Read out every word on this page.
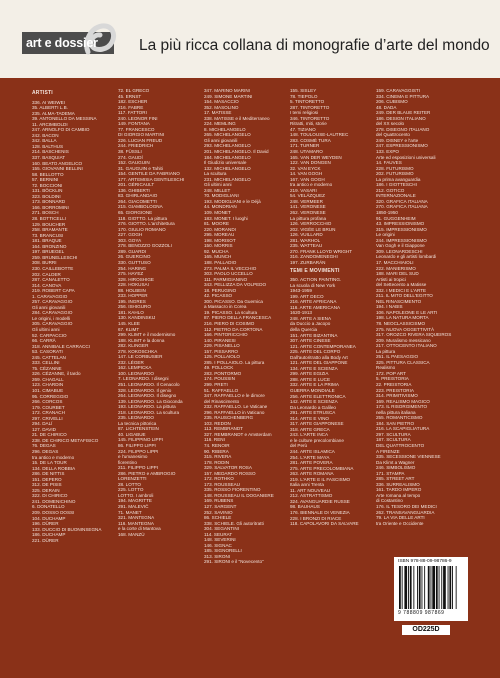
art e dossier	La più ricca collana di monografie d’arte del mondo
ARTISTI
336. AI WEIWEI
35. ALBERTI L.B.
235. ALMA-TADEMA
39. ANTONELLO DA MESSINA
11. ARCIMBOLDI
247. ARNOLFO DI CAMBIO
242. BACON
342. BALLA
128. BALTHUS
214. BASCHENIS
337. BASQUIAT
160. BEATO ANGELICO
155. GIOVANNI BELLINI
58. BELLOTTO
57. BERNINI
72. BOCCIONI
131. BÖCKLIN
323. BOLDINI
173. BONNARD
166. BORROMINI
271. BOSCH
28. BOTTICELLI
129. BOUCHER
258. BRAMANTE
73. BRANCUSI
181. BRAQUE
164. BRONZINO
197. BRUEGEL
259. BRUNELLESCHI
308. BURRI
230. CAILLEBOTTE
202. CALDER
287. CANALETTO
314. CANOVA
219. ROBERT CAPA
1. CARAVAGGIO
257. CARAVAGGIO
Gli anni giovanili
284. CARAVAGGIO
Le origini, i modelli
305. CARAVAGGIO
Gli ultimi anni
52. CARPACCIO
66. CARRÀ
318. ANNIBALE CARRACCI
53. CASORATI
245. CATTELAN
333. CELLINI
75. CÉZANNE
326. CÉZANNE, il tardo
269. CHAGALL
123. CHARDIN
101. CIMABUE
95. CORREGGIO
266. CORCOS
179. COURBET
172. CRANACH
297. CRIVELLI
294. DALÍ
127. DAVID
21. DE CHIRICO
238. DE CHIRICO METAFISICO
76. DEGAS
296. DEGAS
tra antico e moderno
15. DE LA TOUR
134. DELLA ROBBIA
286. DE NITTIS
151. DEPERO
312. DE PISIS
325. DERAIN
322. DI CHIRICO
241. DOMENICHINO
6. DONATELLO
209. DOSSO DOSSI
104. DUCHAMP
196. DÜRER
133. DUCCIO DI BUONINSEGNA
186. DUCHAMP
221. DÜRER
72. EL GRECO
45. ERNST
182. ESCHER
216. FABRE
117. FATTORI
240. LEONOR FINI
149. FONTANA
77. FRANCESCO
DI GIORGIO MARTINI
226. LUCIAN FREUD
244. FRIEDRICH
38. FÜSSLI
274. GAUDÍ
152. GAUGUIN
31. GAUGUIN e Tahiti
154. GENTILE DA FABRIANO
177. ARTEMISIA GENTILESCHI
201. GÉRICAULT
136. GHIBERTI
83. GHIRLANDAIO
264. GIACOMETTI
215. GIAMBOLOGNA
65. GIORGIONE
118. GIOTTO. La pittura
276. GIOTTO. L'architettura
170. GIULIO ROMANO
227. GOGH
303. GOYA
278. BENOZZO GOZZOLI
289. GUARDI
26. GUERCINO
330. GUTTUSO
254. HARING
275. HAYEZ
328. HIROSHIGE
228. HOKUSAI
88. HOLBEIN
233. HOPPER
195. INGRES
256. ISHIGURO
181. KAHLO
130. KANDINSKIJ
145. KLEE
67. KLIMT
299. KLIMT e il modernismo
188. KLIMT e la donna
282. KLINGER
278. KOKOSCHKA
147. LE CORBUSIER
232. LÉGER
162. LEMPICKA
100. LEONARDO
7. LEONARDO. I disegni
251. LEONARDO. Il Cenacolo
328. LEONARDO. Il genio
264. LEONARDO. Il disegno
139. LEONARDO. La Gioconda
193. LEONARDO. La pittura
218. LEONARDO. La scultura
235. LEONARDO
La tecnica pittorica
87. LICHTENSTEIN
40. LIGABUE
145. FILIPPINO LIPPI
86. FILIPPO LIPPI
224. FILIPPO LIPPI
e l'umanesimo
fiorentino
211. FILIPPO LIPPI
286. PIETRO e AMBROGIO
LORENZETTI
28. LOTTO
225. LOTTO
LOTTO. I ambroli
194. MAGRITTE
291. MALEVIČ
71. MANET
321. MANTEGNA
116. MANTEGNA
e la corte di Mantova
168. MANZÙ
347. MARINO MARINI
249. SIMONE MARTINI
154. MASACCIO
352. MASOLINO
17. MATISSE
338. MATISSE e il Mediterraneo
224. MEMLING
8. MICHELANGELO
265. MICHELANGELO
Gli anni giovanili
293. MICHELANGELO
201. MICHELANGELO. Il David
184. MICHELANGELO
Il Giudizio universale
132. MICHELANGELO
La scultura
231. MICHELANGELO
Gli ultimi anni
248. MILLET
70. MODIGLIANI
193. MODIGLIANI e le Déjà
44. MONDRIAN
109. MONET
183. MONET. I luoghi
81. MOORE
220. MORANDI
295. MOREAU
198. MORISOT
150. MORRIS
92. MUCHA
165. MUNCH
188. PALLADIO
273. PALMA IL VECCHIO
303. PAOLO UCCELLO
111. PARMIGIANINO
343. PELLIZZA DA VOLPEDO
18. PERUGINO
42. PICASSO
300. PICASSO. Da Guernica
a Massacro in Corea
19. PICASSO. La scultura
87. PIERO DELLA FRANCESCA
216. PIERO DI COSIMO
112. PIETRO DA CORTONA
166. PINTORICCHIO
140. PIRANESI
229. PISANELLO
157. PISSARRO
125. POLLAIOLO
285. I POLLAIOLO. La pittura
49. POLLOCK
283. PONTORMO
174. POUSSIN
299. PRETI
51. RAFFAELLO
347. RAFFAELLO e le dimore
del Rinascimento
232. RAFFAELLO. Le Vaticane
296. RAFFAELLO in Vaticano
235. RAUSCHENBERG
103. REDON
113. REMBRANDT
327. REMBRANDT e Amsterdam
116. RENI
74. RENOIR
90. RIBERA
315. RIVERA
178. RODIN
329. SALVATOR ROSA
157. MEDARDO ROSSO
172. ROTHKO
173. ROUSSEAU
335. ROSSO FIORENTINO
148. ROUSSEAU IL DOGANIERE
169. RUBENS
127. SARGENT
252. SAVINIO
86. SCHIELE
338. SCHIELE. Gli autoritratti
304. SEGANTINI
114. SEURAT
148. SEVERINI
146. SIGNAC
185. SIGNORELLI
313. SIRONI
291. SIRONI e il "Novecento"
155. SISLEY
78. TIEPOLO
5. TINTORETTO
287. TINTORETTO
I temi religiosi
346. TINTORETTO
Ritratti, miti, storie
47. TIZIANO
148. TOULOUSE-LAUTREC
283. COSMÈ TURA
171. TURNER
248. UTAMARO
165. VAN DER WEYDEN
122. VAN DONGEN
32. VAN EYCK
14. VAN GOGH
167. VAN GOGH
tra antico e moderno
219. VASARI
54. VELÁZQUEZ
248. VERMEER
141. VERONESE
262. VERONESE
La pittura profana
126. VERROCCHIO
202. VIGÉE LE BRUN
126. VUILLARD
281. WARHOL
235. WATTEAU
270. FRANK LLOYD WRIGHT
316. ZANDOMENEGHI
197. ZURBARÁN
TEMI E MOVIMENTI
350. ACTION PAINTING.
La scuola di New York
1943-1959
199. ART DECO
216. ARTE AFRICANA
116. ARTE AMERICANA
1620-1913
248. ARTE A SIENA
da Duccio a Jacopo
della Quercia
151. ARTE BIZANTINA
307. ARTE CINESE
121. ARTE CONTEMPORANEA
225. ARTE DEL CORPO
Dall'autoritratto alla Body Art
121. ARTE DEL GIAPPONE
134. ARTE E SCIENZA
299. ARTE EGIZIA
288. ARTE E LUCE
332. ARTE E LA PRIMA
GUERRA MONDIALE
256. ARTE ELETTRONICA
142. ARTE E SCIENZA
Da Leonardo a Galileo
291. ARTE ETRUSCA
314. ARTE E VINO
317. ARTE GIAPPONESE
318. ARTE GRECA
243. L'ARTE INCA
e le culture precolombiane
del Perù
244. ARTE ISLAMICA
254. L'ARTE MAYA
281. ARTE POVERA
275. ARTE PRECOLOMBIANA
263. ARTE ROMANA
219. L'ARTE E IL FASCISMO
Italia anni Trenta
11. ART NOUVEAU
212. ASTRATTISMO
324. AVANGUARDIE RUSSE
98. BAUHAUS
176. BIENNALE DI VENEZIA
228. I BRONZI DI RIACE
118. CAPOLAVORI DA SALVARE
159. CARAVAGGISTI
334. CINEMA E PITTURA
206. CUBISMO
48. DADA
249. DER BLAUE REITER
186. DESIGN ITALIANO
del XX secolo
278. DISEGNO ITALIANO
del Quattrocento
249. DISNEY e l'arte
247. ESPRESSIONISMO
133. EXPO
Arte ed esposizioni universali
14. FAUVES
228. FUTURISMO
202. FUTURISMO
La prima avanguardia
186. I GIOTTESCHI
212. GOTICO
INTERNAZIONALE
320. GRAFICA ITALIANA
270. GRAFICA ITALIANA
1850-1950
91. GUGGENHEIM
43. IMPRESSIONISMO
315. IMPRESSIONISMO
Le origini
244. IMPRESSIONISMO
Van Gogh e il Giappone
309. LEONARDESCHI
Leonardo e gli artisti lombardi
17. MACCHIAIOLI
222. MANIERISMO
188. MARI DEL SUD
Artisti ai tropici
del Settecento a Matisse
332. I MEDICI E L'ARTE
211. IL MITO DELL'EGITTO
NEL RINASCIMENTO
194. I NABIS
106. NAPOLEONE E LE ARTI
198. LA NATURA MORTA
78. NEOCLASSICISMO
275. NUOVA OGGETTIVITÀ
317. OROZCO RIVERA SIQUEIROS
209. Muralismo messicano
217. OTTOCENTO ITALIANO
La pittura
251. IL PAESAGGIO
325. PITTURA CLASSICA
Realismo
172. POP ART
5. PREISTORIA
22. PREISTORIA
223. PREISTORIA
314. PRIMITIVISMO
169. REALISMO MAGICO
173. IL RISORGIMENTO
nella pittura italiana
255. ROMANTICISMO
184. SAN PIETRO
216. LA SCAPIGLIATURA
297. SCULTURA
187. SCULTURA
DEL QUATTROCENTO
A FIRENZE
335. SECESSIONE VIENNESE
Da Klimt a Wagner
246. SIMBOLISMO
171. STAMPA
285. STREET ART
336. SURREALISMO
161. TARDO IMPERO
Arte romana al tempo
di Costantino
176. IL TESORO DEI MEDICI
262. TRANSAVANGUARDIA
79. LA VIA DELLE ARTI
tra Oriente e Occidente
ISBN 978-88-09-98786-9
9 788809 987869
OD225D
